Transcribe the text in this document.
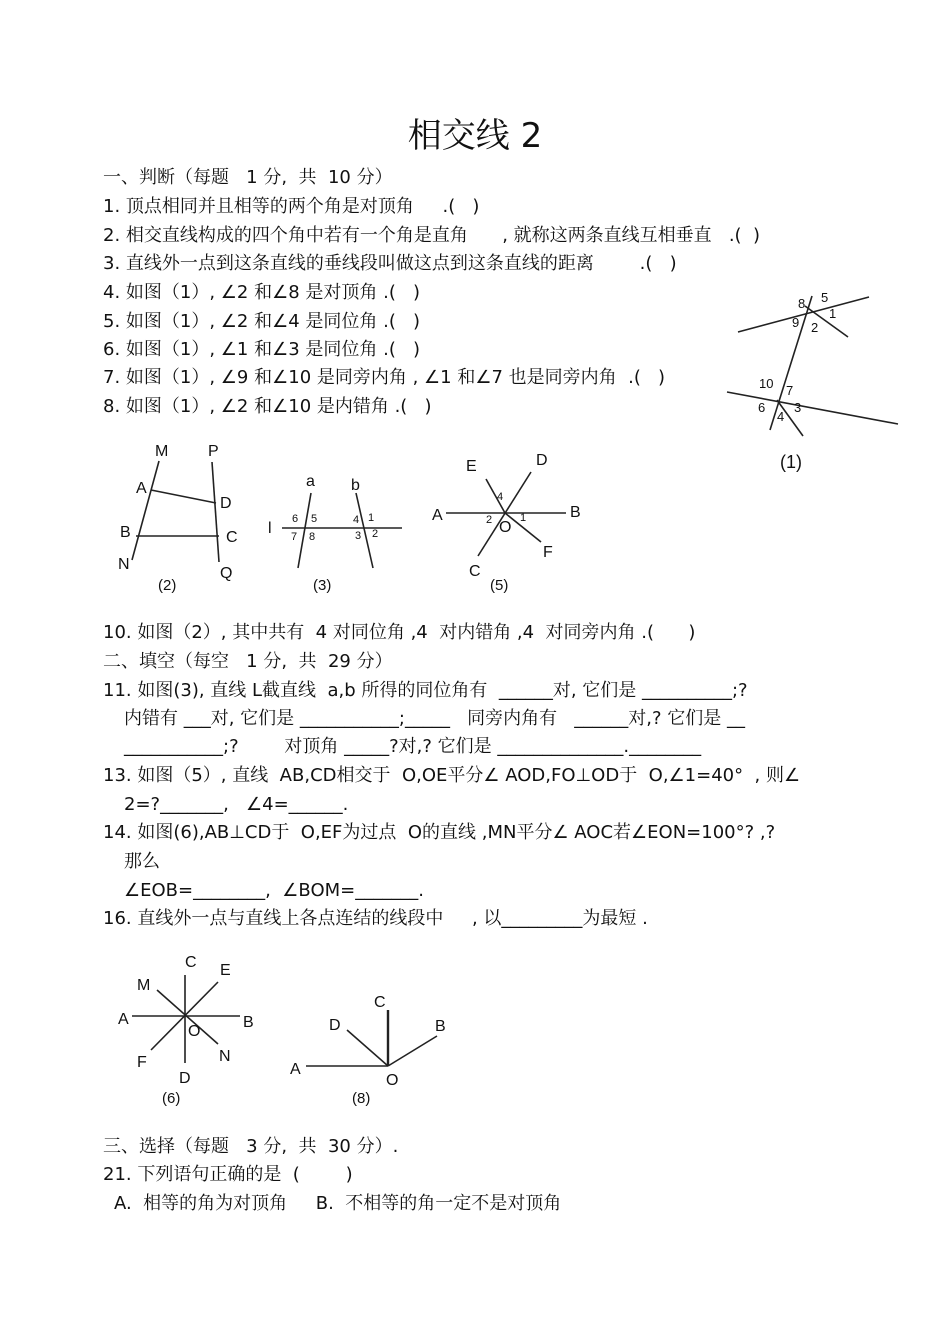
相交线 2
一、判断（每题   1 分,  共  10 分）
1. 顶点相同并且相等的两个角是对顶角     .(   )
2. 相交直线构成的四个角中若有一个角是直角      , 就称这两条直线互相垂直   .(  )
3. 直线外一点到这条直线的垂线段叫做这点到这条直线的距离        .(   )
4. 如图（1）, ∠2 和∠8 是对顶角 .(   )
5. 如图（1）, ∠2 和∠4 是同位角 .(   )
6. 如图（1）, ∠1 和∠3 是同位角 .(   )
7. 如图（1）, ∠9 和∠10 是同旁内角 , ∠1 和∠7 也是同旁内角  .(   )
8. 如图（1）, ∠2 和∠10 是内错角 .(   )
10. 如图（2）, 其中共有  4 对同位角 ,4  对内错角 ,4  对同旁内角 .(      )
二、填空（每空   1 分,  共  29 分）
11. 如图(3), 直线 L截直线  a,b 所得的同位角有  ______对, 它们是 __________;?
内错有 ___对, 它们是 ___________;_____   同旁内角有   ______对,? 它们是 __
___________;?        对顶角 _____?对,? 它们是 ______________.________
13. 如图（5）, 直线  AB,CD相交于  O,OE平分∠ AOD,FO⊥OD于  O,∠1=40°  , 则∠
2=?_______,   ∠4=______.
14. 如图(6),AB⊥CD于  O,EF为过点  O的直线 ,MN平分∠ AOC若∠EON=100°? ,?
那么
∠EOB=________,  ∠BOM=_______.
16. 直线外一点与直线上各点连结的线段中     , 以_________为最短 .
三、选择（每题   3 分,  共  30 分）.
21. 下列语句正确的是  (        )
A.  相等的角为对顶角     B.  不相等的角一定不是对顶角
8 5
1
9 2
10 7
6 3
4
(1)
M P
A
D
B	C
N
Q
(2)
a b
l
6 5
7 8
4 1
3 2
(3)
E	D
A	B
O
F
C
4
2	1
(5)
C
M
E
A	B
O
F	N
D
(6)
C
D	B
A
O
(8)
